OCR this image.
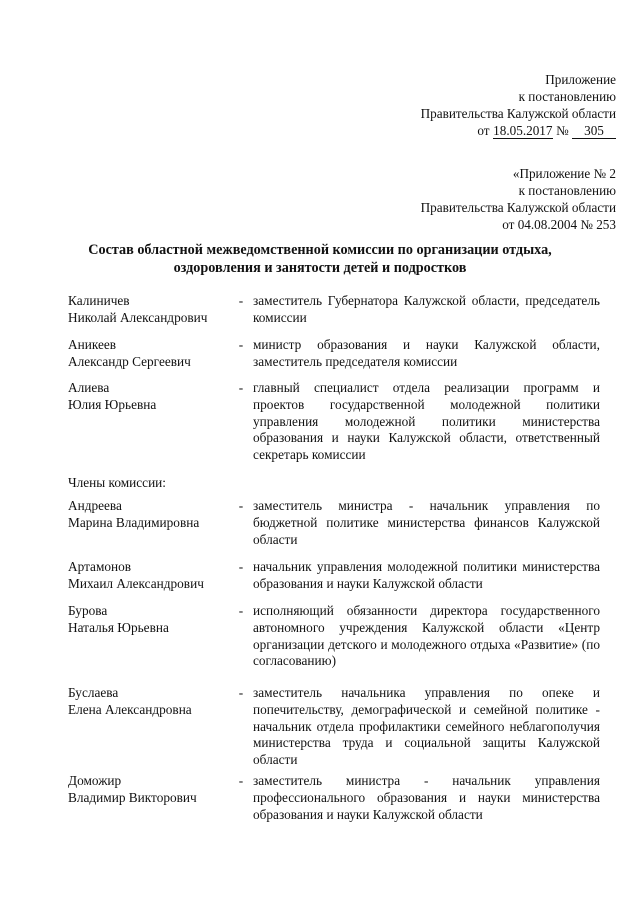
Приложение
к постановлению
Правительства Калужской области
от 18.05.2017 № 305
«Приложение № 2
к постановлению
Правительства Калужской области
от 04.08.2004 № 253
Состав областной межведомственной комиссии по организации отдыха,
оздоровления и занятости детей и подростков
Калиничев
Николай Александрович
- заместитель Губернатора Калужской области, председатель комиссии
Аникеев
Александр Сергеевич
- министр образования и науки Калужской области, заместитель председателя комиссии
Алиева
Юлия Юрьевна
- главный специалист отдела реализации программ и проектов государственной молодежной политики управления молодежной политики министерства образования и науки Калужской области, ответственный секретарь комиссии
Члены комиссии:
Андреева
Марина Владимировна
- заместитель министра - начальник управления по бюджетной политике министерства финансов Калужской области
Артамонов
Михаил Александрович
- начальник управления молодежной политики министерства образования и науки Калужской области
Бурова
Наталья Юрьевна
- исполняющий обязанности директора государственного автономного учреждения Калужской области «Центр организации детского и молодежного отдыха «Развитие» (по согласованию)
Буслаева
Елена Александровна
- заместитель начальника управления по опеке и попечительству, демографической и семейной политике - начальник отдела профилактики семейного неблагополучия министерства труда и социальной защиты Калужской области
Доможир
Владимир Викторович
- заместитель министра - начальник управления профессионального образования и науки министерства образования и науки Калужской области
